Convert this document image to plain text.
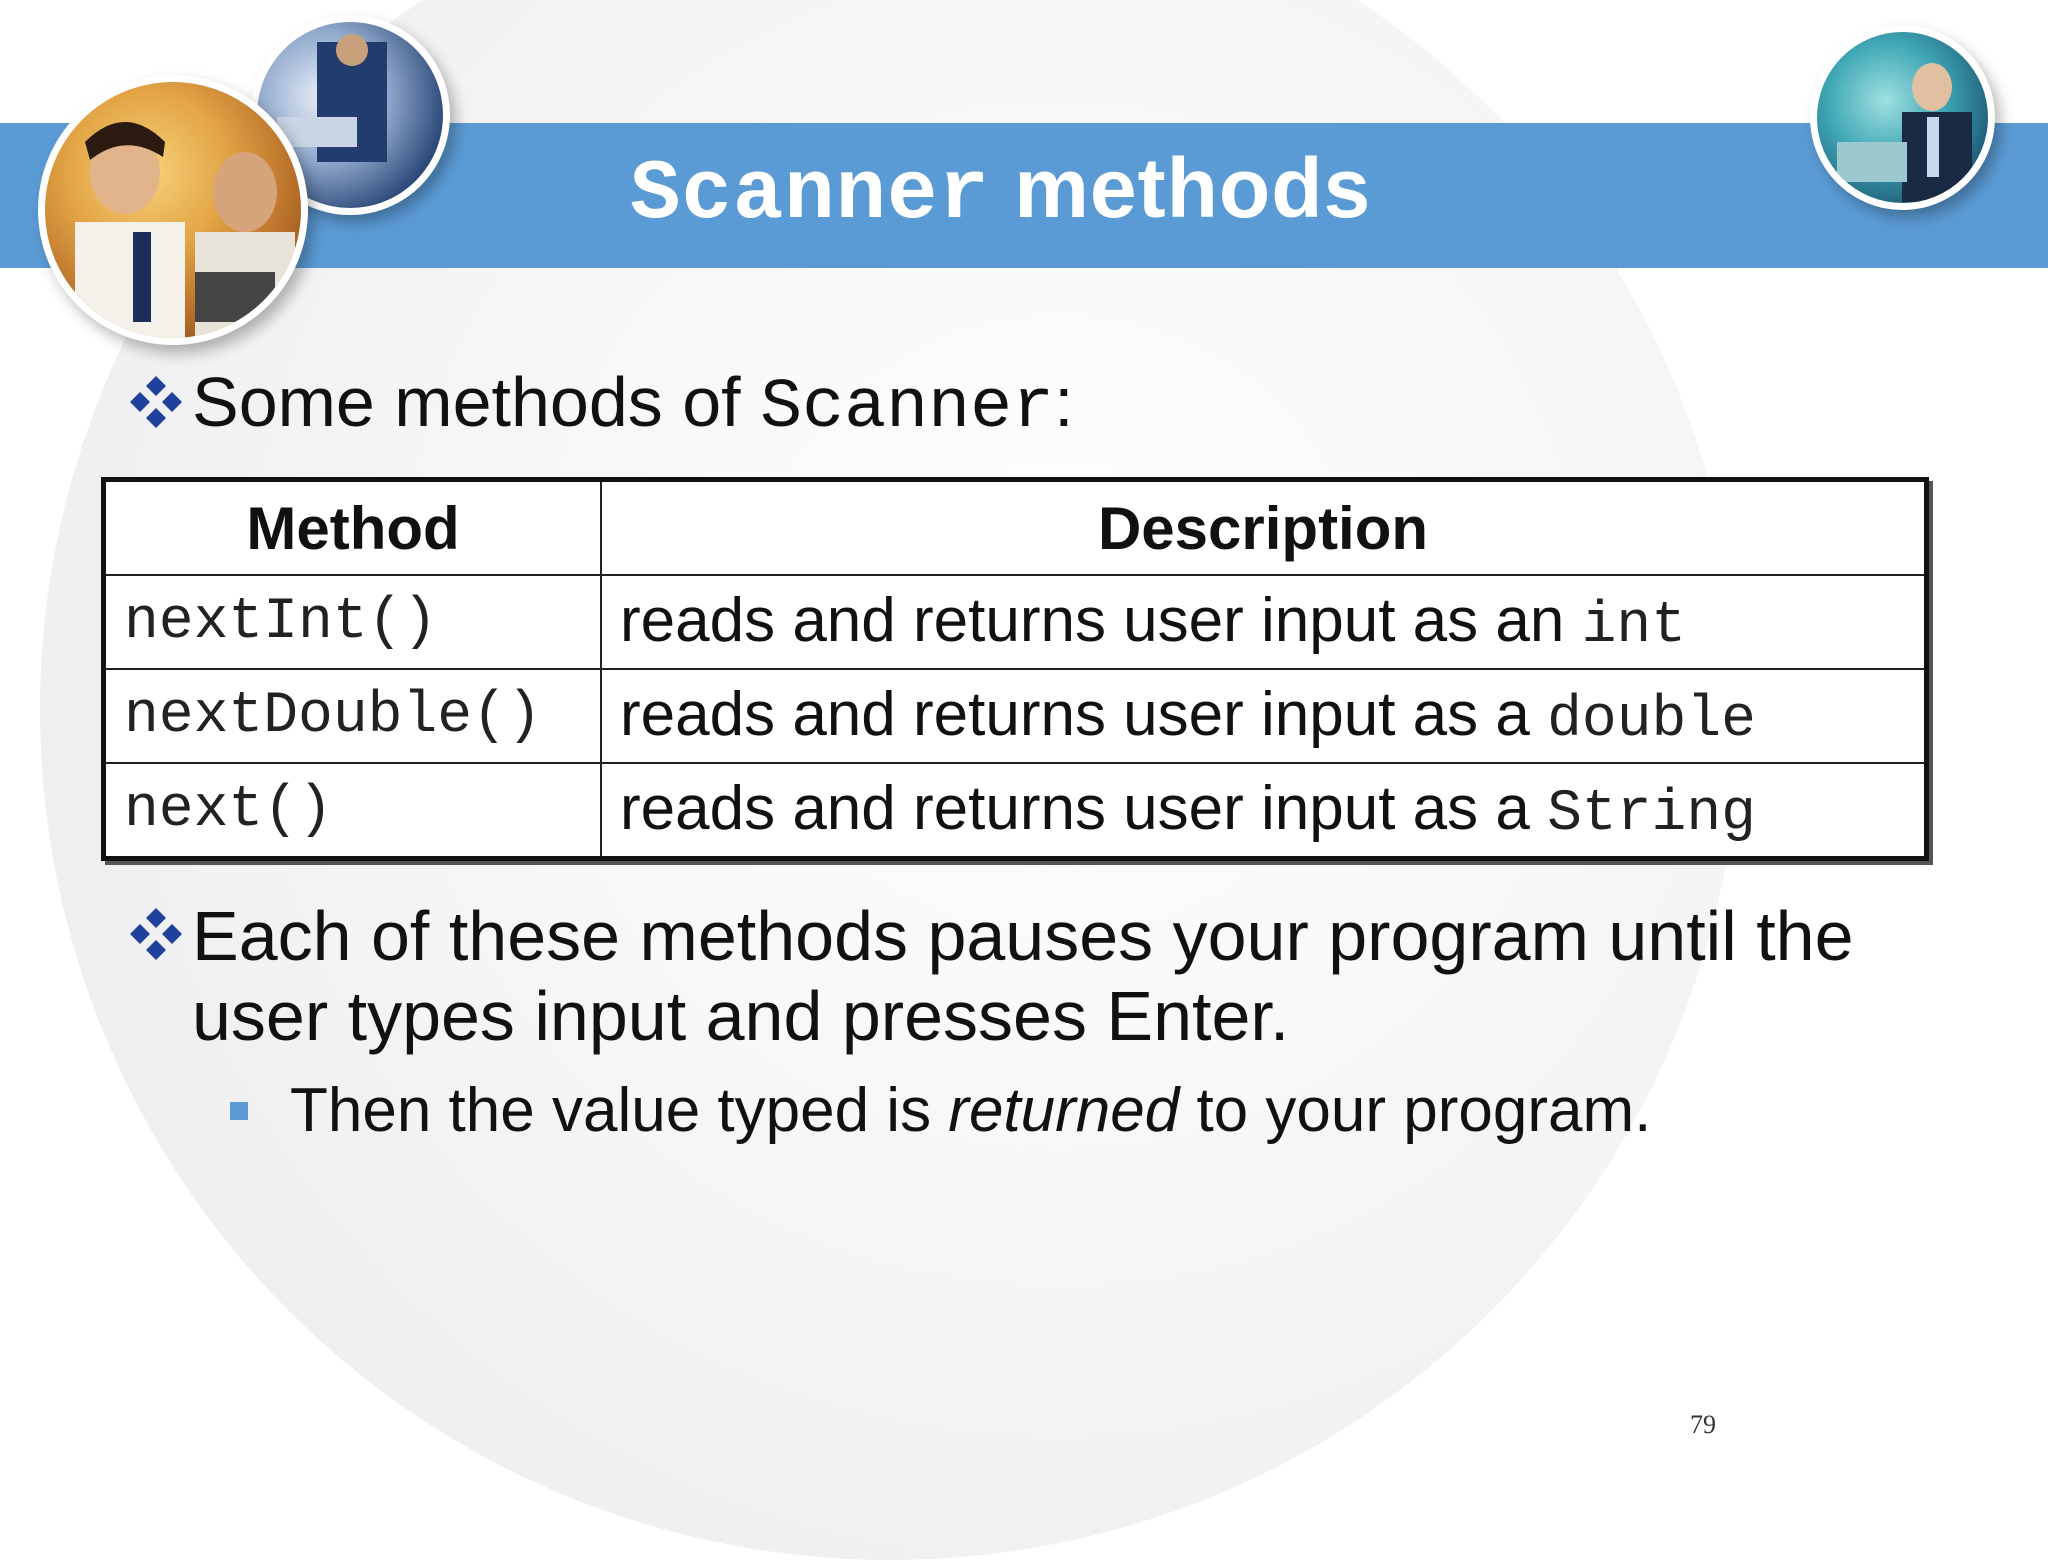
Scanner methods
Some methods of Scanner:
Method	Description
nextInt()	reads and returns user input as an int
nextDouble()	reads and returns user input as a double
next()	reads and returns user input as a String
Each of these methods pauses your program until the user types input and presses Enter.
Then the value typed is returned to your program.
79
